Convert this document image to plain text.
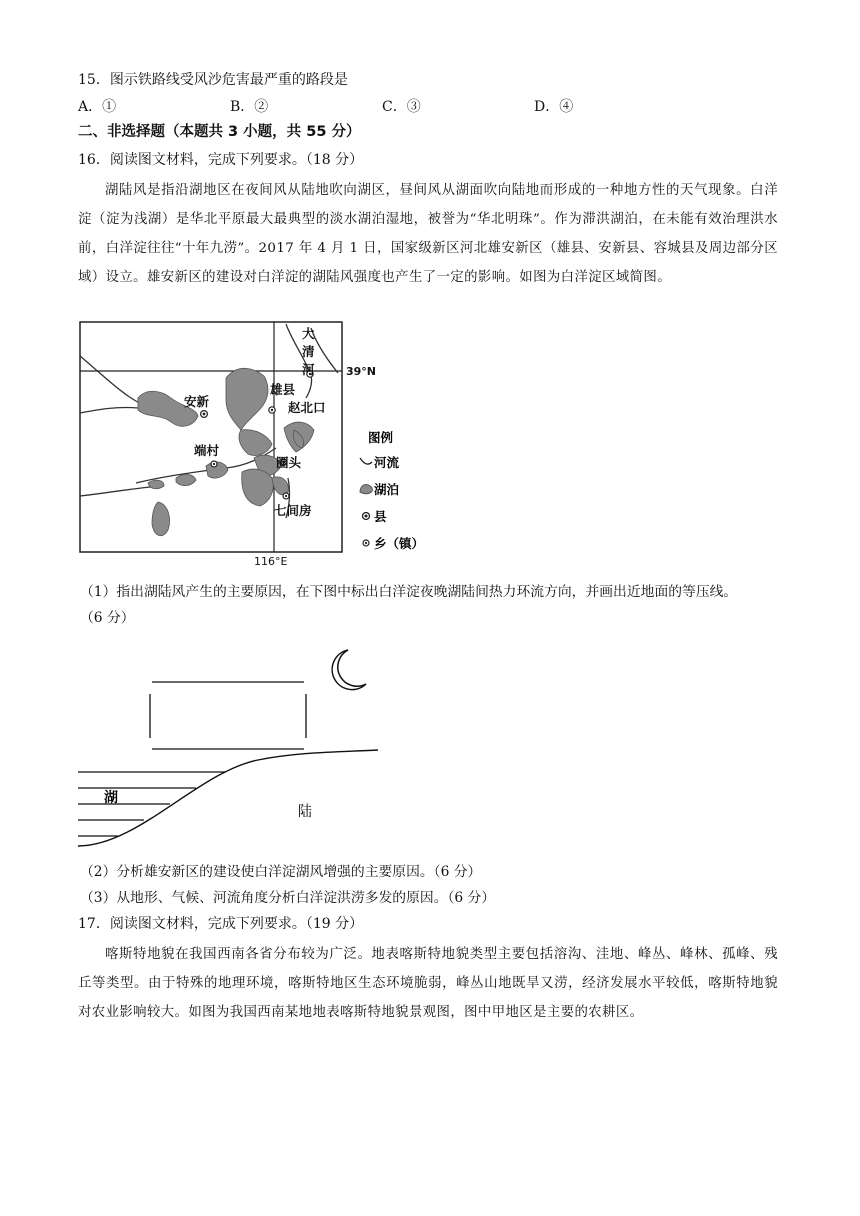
15．图示铁路线受风沙危害最严重的路段是
A．①	B．②	C．③	D．④
二、非选择题（本题共 3 小题，共 55 分）
16．阅读图文材料，完成下列要求。（18 分）
湖陆风是指沿湖地区在夜间风从陆地吹向湖区，昼间风从湖面吹向陆地而形成的一种地方性的天气现象。白洋淀（淀为浅湖）是华北平原最大最典型的淡水湖泊湿地，被誉为“华北明珠”。作为滞洪湖泊，在未能有效治理洪水前，白洋淀往往“十年九涝”。2017 年 4 月 1 日，国家级新区河北雄安新区（雄县、安新县、容城县及周边部分区域）设立。雄安新区的建设对白洋淀的湖陆风强度也产生了一定的影响。如图为白洋淀区域简图。
大
清
河	39°N
安新
雄县
赵北口
端村
圈头
七间房
116°E
图例
河流
湖泊
县
乡（镇）
（1）指出湖陆风产生的主要原因，在下图中标出白洋淀夜晚湖陆间热力环流方向，并画出近地面的等压线。
（6 分）
湖
陆
（2）分析雄安新区的建设使白洋淀湖风增强的主要原因。（6 分）
（3）从地形、气候、河流角度分析白洋淀洪涝多发的原因。（6 分）
17．阅读图文材料，完成下列要求。（19 分）
喀斯特地貌在我国西南各省分布较为广泛。地表喀斯特地貌类型主要包括溶沟、洼地、峰丛、峰林、孤峰、残丘等类型。由于特殊的地理环境，喀斯特地区生态环境脆弱，峰丛山地既旱又涝，经济发展水平较低，喀斯特地貌对农业影响较大。如图为我国西南某地地表喀斯特地貌景观图，图中甲地区是主要的农耕区。
